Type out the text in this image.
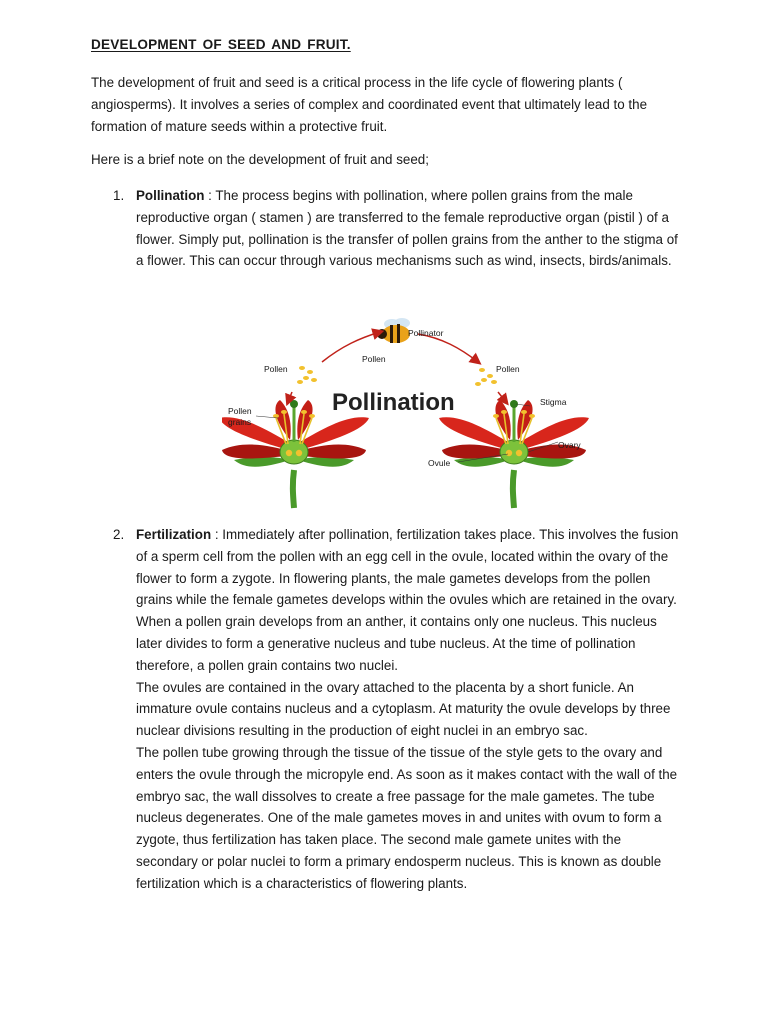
DEVELOPMENT OF SEED AND FRUIT.

The development of fruit and seed is a critical process in the life cycle of flowering plants ( angiosperms). It involves a series of complex and coordinated event that ultimately lead to the formation of mature seeds within a protective fruit.

Here is a brief note on the development of fruit and seed;

1. Pollination : The process begins with pollination, where pollen grains from the male reproductive organ ( stamen ) are transferred to the female reproductive organ (pistil ) of a flower. Simply put, pollination is the transfer of pollen grains from the anther to the stigma of a flower. This can occur through various mechanisms such as wind, insects, birds/animals.

Pollinator
Pollen
Pollen	Pollen
Pollen
grains
Stigma
Ovary
Ovule
Pollination
2. Fertilization : Immediately after pollination, fertilization takes place. This involves the fusion of a sperm cell from the pollen with an egg cell in the ovule, located within the ovary of the flower to form a zygote. In flowering plants, the male gametes develops from the pollen grains while the female gametes develops within the ovules which are retained in the ovary.

When a pollen grain develops from an anther, it contains only one nucleus. This nucleus later divides to form a generative nucleus and tube nucleus. At the time of pollination therefore, a pollen grain contains two nuclei.

The ovules are contained in the ovary attached to the placenta by a short funicle. An immature ovule contains nucleus and a cytoplasm. At maturity the ovule develops by three nuclear divisions resulting in the production of eight nuclei in an embryo sac.

The pollen tube growing through the tissue of the tissue of the style gets to the ovary and enters the ovule through the micropyle end. As soon as it makes contact with the wall of the embryo sac, the wall dissolves to create a free passage for the male gametes. The tube nucleus degenerates. One of the male gametes moves in and unites with ovum to form a zygote, thus fertilization has taken place. The second male gamete unites with the secondary or polar nuclei to form a primary endosperm nucleus. This is known as double fertilization which is a characteristics of flowering plants.
